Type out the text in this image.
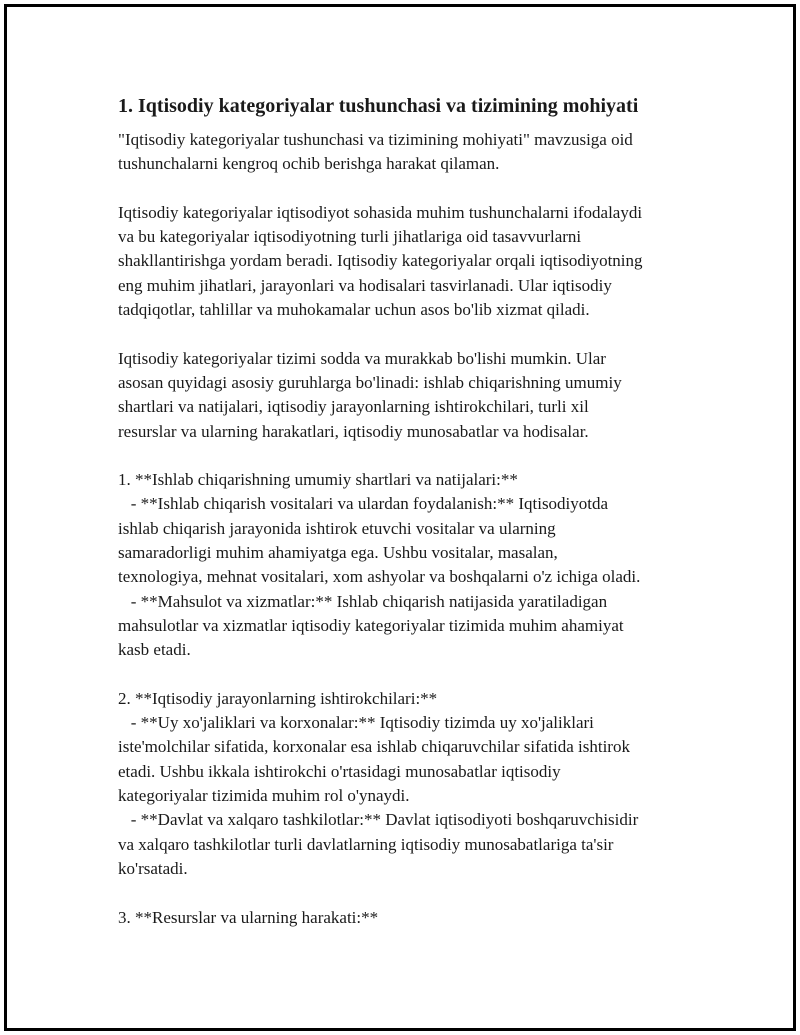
1. Iqtisodiy kategoriyalar tushunchasi va tizimining mohiyati
"Iqtisodiy kategoriyalar tushunchasi va tizimining mohiyati" mavzusiga oid
tushunchalarni kengroq ochib berishga harakat qilaman.
Iqtisodiy kategoriyalar iqtisodiyot sohasida muhim tushunchalarni ifodalaydi
va bu kategoriyalar iqtisodiyotning turli jihatlariga oid tasavvurlarni
shakllantirishga yordam beradi. Iqtisodiy kategoriyalar orqali iqtisodiyotning
eng muhim jihatlari, jarayonlari va hodisalari tasvirlanadi. Ular iqtisodiy
tadqiqotlar, tahlillar va muhokamalar uchun asos bo'lib xizmat qiladi.
Iqtisodiy kategoriyalar tizimi sodda va murakkab bo'lishi mumkin. Ular
asosan quyidagi asosiy guruhlarga bo'linadi: ishlab chiqarishning umumiy
shartlari va natijalari, iqtisodiy jarayonlarning ishtirokchilari, turli xil
resurslar va ularning harakatlari, iqtisodiy munosabatlar va hodisalar.
1. **Ishlab chiqarishning umumiy shartlari va natijalari:**
- **Ishlab chiqarish vositalari va ulardan foydalanish:** Iqtisodiyotda
ishlab chiqarish jarayonida ishtirok etuvchi vositalar va ularning
samaradorligi muhim ahamiyatga ega. Ushbu vositalar, masalan,
texnologiya, mehnat vositalari, xom ashyolar va boshqalarni o'z ichiga oladi.
- **Mahsulot va xizmatlar:** Ishlab chiqarish natijasida yaratiladigan
mahsulotlar va xizmatlar iqtisodiy kategoriyalar tizimida muhim ahamiyat
kasb etadi.
2. **Iqtisodiy jarayonlarning ishtirokchilari:**
- **Uy xo'jaliklari va korxonalar:** Iqtisodiy tizimda uy xo'jaliklari
iste'molchilar sifatida, korxonalar esa ishlab chiqaruvchilar sifatida ishtirok
etadi. Ushbu ikkala ishtirokchi o'rtasidagi munosabatlar iqtisodiy
kategoriyalar tizimida muhim rol o'ynaydi.
- **Davlat va xalqaro tashkilotlar:** Davlat iqtisodiyoti boshqaruvchisidir
va xalqaro tashkilotlar turli davlatlarning iqtisodiy munosabatlariga ta'sir
ko'rsatadi.
3. **Resurslar va ularning harakati:**
